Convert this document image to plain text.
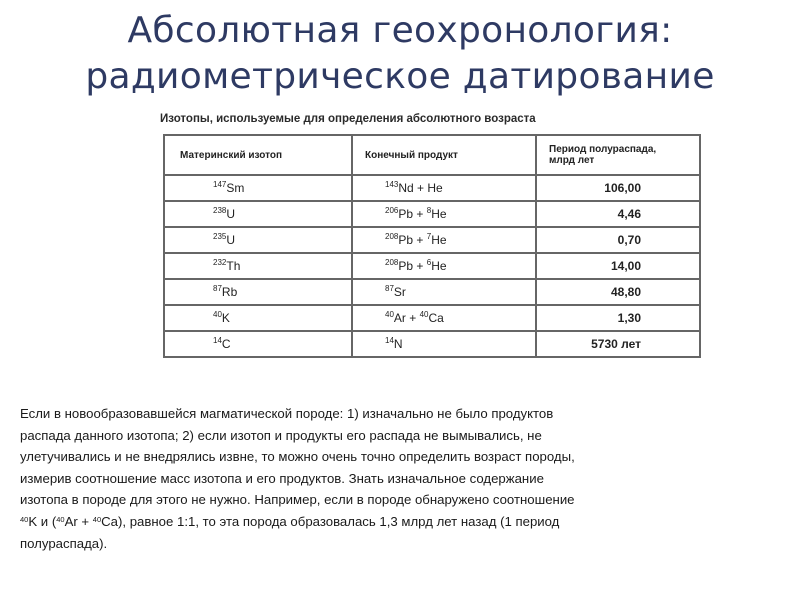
Абсолютная геохронология:
радиометрическое датирование
Изотопы, используемые для определения абсолютного возраста
Материнский изотоп	Конечный продукт	Период полураспада,
млрд лет
$^{147}$Sm	$^{143}$Nd + He	106,00
$^{238}$U	$^{206}$Pb + $^8$He	4,46
$^{235}$U	$^{208}$Pb + $^7$He	0,70
$^{232}$Th	$^{208}$Pb + $^6$He	14,00
$^{87}$Rb	$^{87}$Sr	48,80
$^{40}$K	$^{40}$Ar + $^{40}$Ca	1,30
$^{14}$C	$^{14}$N	5730 лет
Если в новообразовавшейся магматической породе: 1) изначально не было продуктов
распада данного изотопа; 2) если изотоп и продукты его распада не вымывались, не
улетучивались и не внедрялись извне, то можно очень точно определить возраст породы,
измерив соотношение масс изотопа и его продуктов. Знать изначальное содержание
изотопа в породе для этого не нужно. Например, если в породе обнаружено соотношение
$^{40}$K и ($^{40}$Ar + $^{40}$Ca), равное 1:1, то эта порода образовалась 1,3 млрд лет назад (1 период
полураспада).
